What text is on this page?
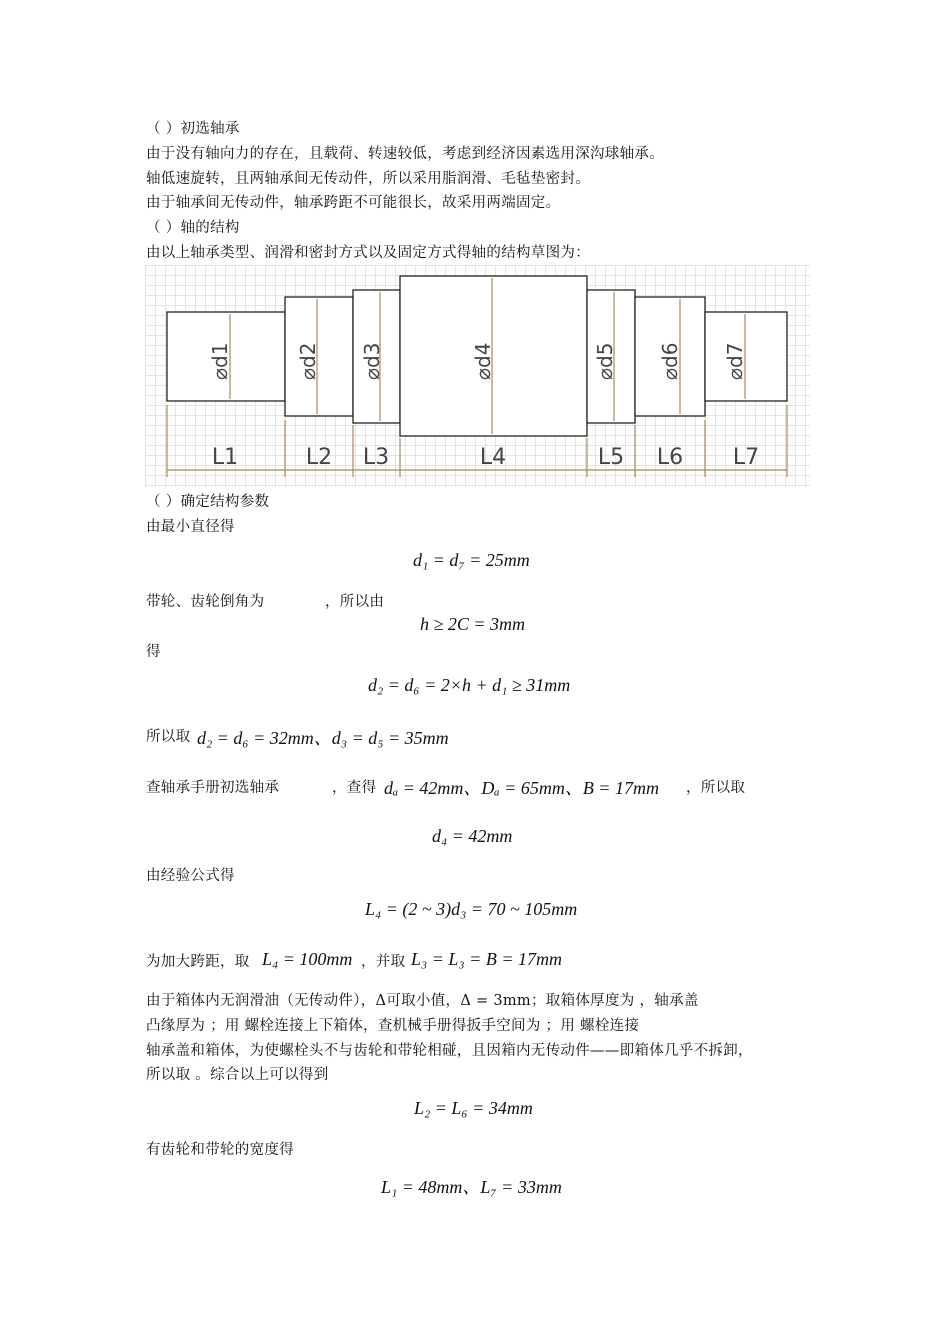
（ ）初选轴承
由于没有轴向力的存在，且载荷、转速较低，考虑到经济因素选用深沟球轴承。
轴低速旋转，且两轴承间无传动件，所以采用脂润滑、毛毡垫密封。
由于轴承间无传动件，轴承跨距不可能很长，故采用两端固定。
（ ）轴的结构
由以上轴承类型、润滑和密封方式以及固定方式得轴的结构草图为：
⌀d1	⌀d2 ⌀d3	⌀d4	⌀d5 ⌀d6 ⌀d7
L1	L2 L3	L4	L5 L6 L7
（ ）确定结构参数
由最小直径得
d₁ = d₇ = 25mm
带轮、齿轮倒角为	，所以由
h ≥ 2C = 3mm
得
d₂ = d₆ = 2×h + d₁ ≥ 31mm
所以取 d₂ = d₆ = 32mm、d₃ = d₅ = 35mm
查轴承手册初选轴承	，查得 dₐ = 42mm、Dₐ = 65mm、B = 17mm ，所以取
d₄ = 42mm
由经验公式得
L₄ = (2 ~ 3)d₃ = 70 ~ 105mm
为加大跨距，取 L₄ = 100mm ，并取 L₃ = L₃ = B = 17mm
由于箱体内无润滑油（无传动件），Δ可取小值，Δ = 3mm；取箱体厚度为 ，轴承盖
凸缘厚为 ；用 螺栓连接上下箱体，查机械手册得扳手空间为 ；用 螺栓连接
轴承盖和箱体，为使螺栓头不与齿轮和带轮相碰，且因箱内无传动件——即箱体几乎不拆卸，
所以取 。综合以上可以得到
L₂ = L₆ = 34mm
有齿轮和带轮的宽度得
L₁ = 48mm、L₇ = 33mm
